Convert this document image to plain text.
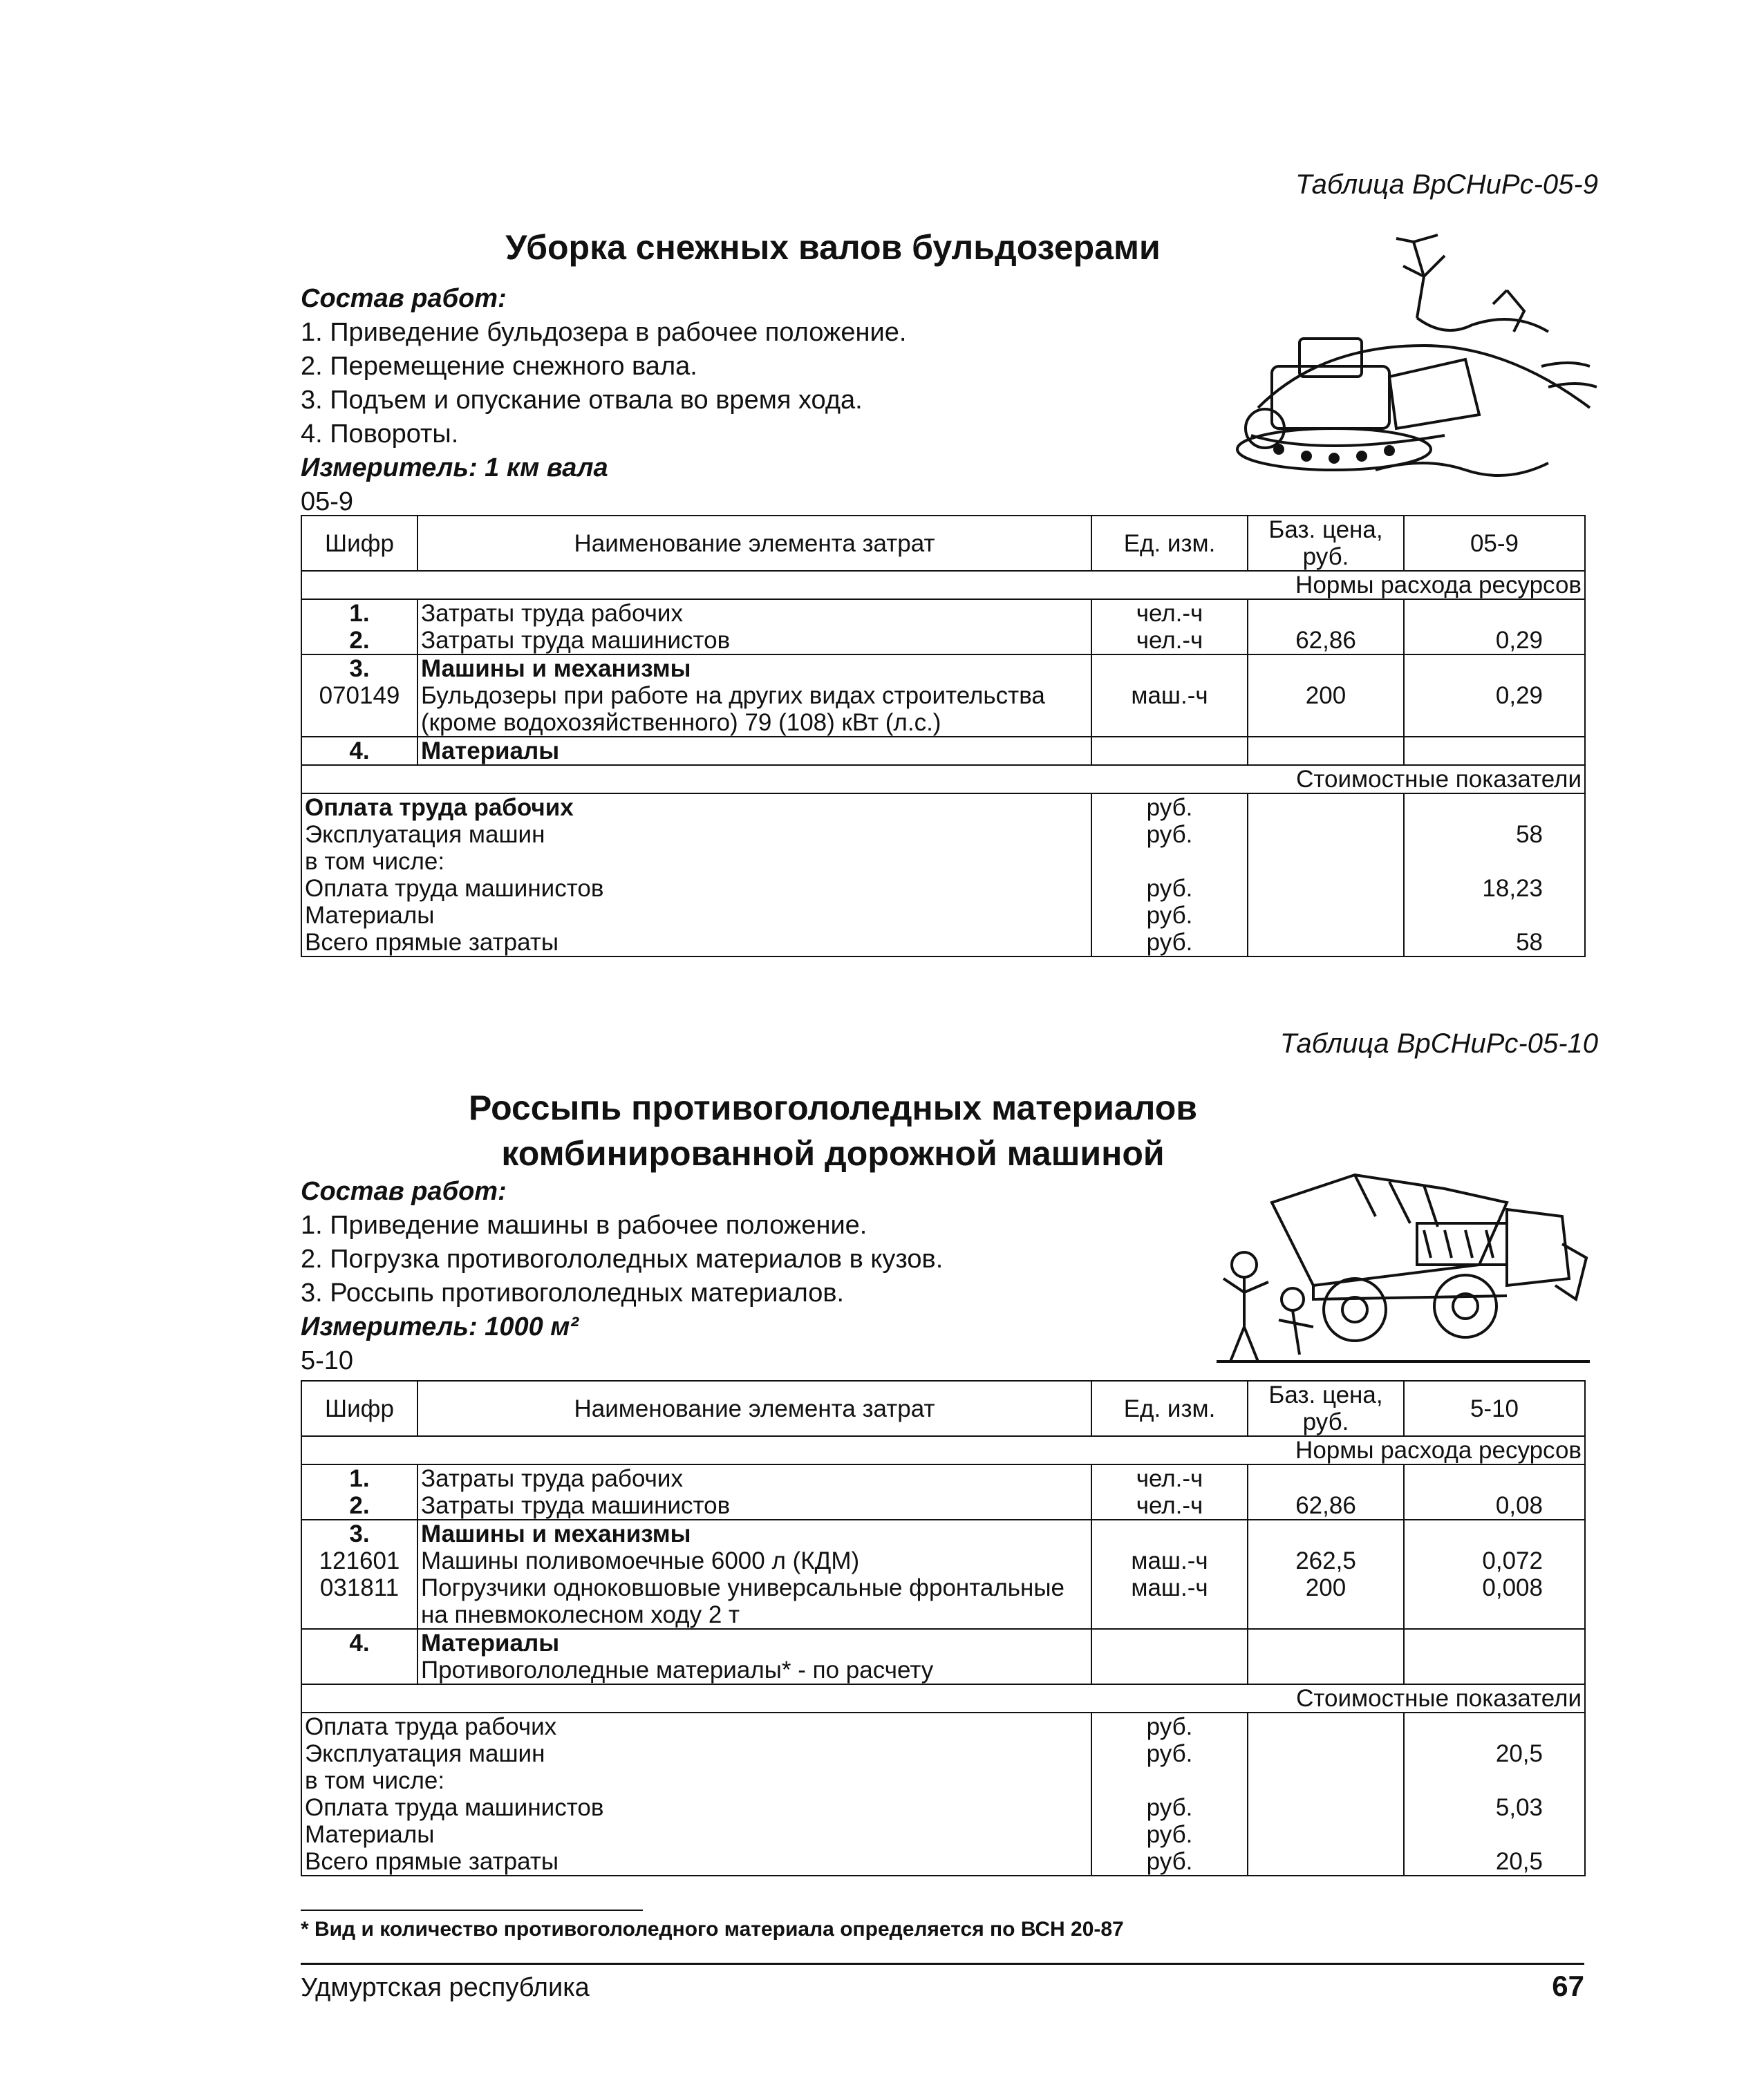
Таблица ВрСНиРс-05-9
Уборка снежных валов бульдозерами
Состав работ:
1. Приведение бульдозера в рабочее положение.
2. Перемещение снежного вала.
3. Подъем и опускание отвала во время хода.
4. Повороты.
Измеритель: 1 км вала
05-9
Шифр	Наименование элемента затрат	Ед. изм.	Баз. цена, руб.	05-9
Нормы расхода ресурсов				
1.	Затраты труда рабочих	чел.-ч		
2.	Затраты труда машинистов	чел.-ч	62,86	0,29
3.	Машины и механизмы			
070149	Бульдозеры при работе на других видах строительства (кроме водохозяйственного) 79 (108) кВт (л.с.)	маш.-ч	200	0,29
4.	Материалы			
Стоимостные показатели				
Оплата труда рабочих		руб.		
Эксплуатация машин		руб.		58
в том числе:				
Оплата труда машинистов		руб.		18,23
Материалы		руб.		
Всего прямые затраты		руб.		58
Таблица ВрСНиРс-05-10
Россыпь противогололедных материалов
комбинированной дорожной машиной
Состав работ:
1. Приведение машины в рабочее положение.
2. Погрузка противогололедных материалов в кузов.
3. Россыпь противогололедных материалов.
Измеритель: 1000 м²
5-10
Шифр	Наименование элемента затрат	Ед. изм.	Баз. цена, руб.	5-10
Нормы расхода ресурсов				
1.	Затраты труда рабочих	чел.-ч		
2.	Затраты труда машинистов	чел.-ч	62,86	0,08
3.	Машины и механизмы			
121601	Машины поливомоечные 6000 л (КДМ)	маш.-ч	262,5	0,072
031811	Погрузчики одноковшовые универсальные фронтальные на пневмоколесном ходу 2 т	маш.-ч	200	0,008
4.	Материалы			
	Противогололедные материалы* - по расчету			
Стоимостные показатели				
Оплата труда рабочих		руб.		
Эксплуатация машин		руб.		20,5
в том числе:				
Оплата труда машинистов		руб.		5,03
Материалы		руб.		
Всего прямые затраты		руб.		20,5
* Вид и количество противогололедного материала определяется по ВСН 20-87
Удмуртская республика	67
